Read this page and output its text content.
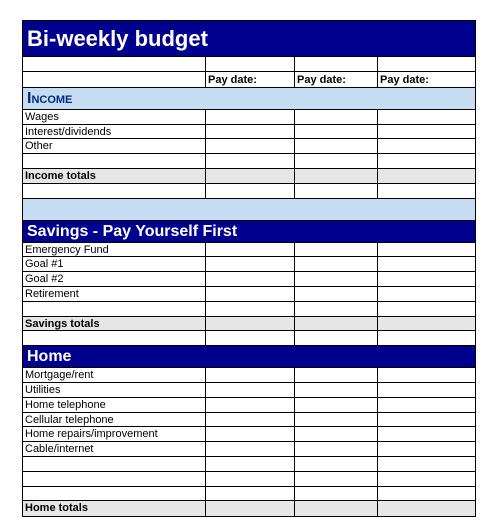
Bi-weekly budget
Pay date:	Pay date:	Pay date:
Income
Wages
Interest/dividends
Other
Income totals
Savings - Pay Yourself First
Emergency Fund
Goal #1
Goal #2
Retirement
Savings totals
Home
Mortgage/rent
Utilities
Home telephone
Cellular telephone
Home repairs/improvement
Cable/internet
Home totals
